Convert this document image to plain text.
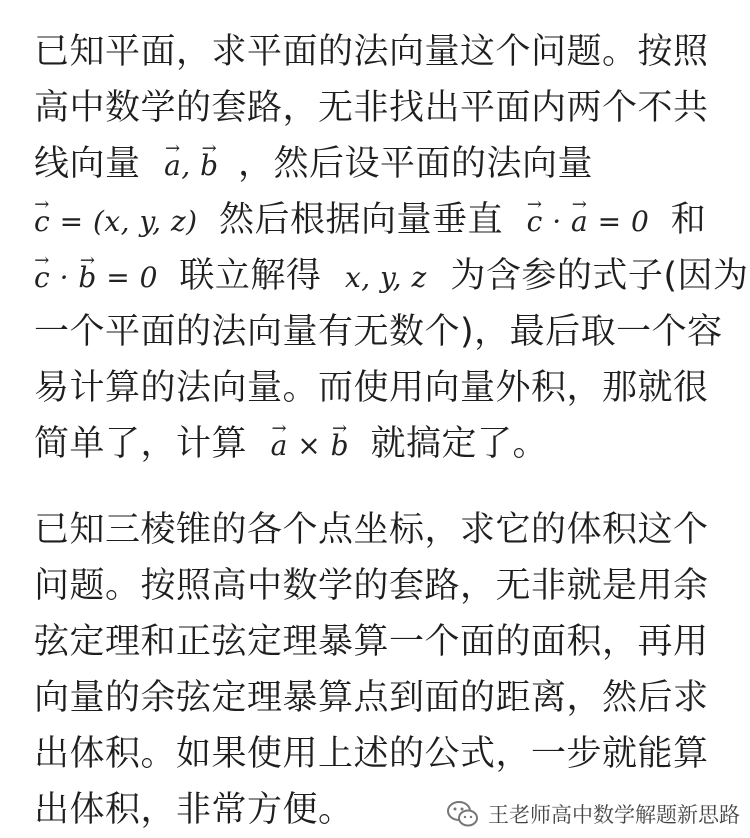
已知平面，求平面的法向量这个问题。按照
高中数学的套路，无非找出平面内两个不共
线向量 → a, → b ，然后设平面的法向量
→ c = (x, y, z) 然后根据向量垂直 → c · → a = 0 和
→ c · → b = 0 联立解得 x, y, z 为含参的式子(因为
一个平面的法向量有无数个)，最后取一个容
易计算的法向量。而使用向量外积，那就很
简单了，计算 → a × → b 就搞定了。
已知三棱锥的各个点坐标，求它的体积这个
问题。按照高中数学的套路，无非就是用余
弦定理和正弦定理暴算一个面的面积，再用
向量的余弦定理暴算点到面的距离，然后求
出体积。如果使用上述的公式，一步就能算
出体积，非常方便。	王老师高中数学解题新思路
